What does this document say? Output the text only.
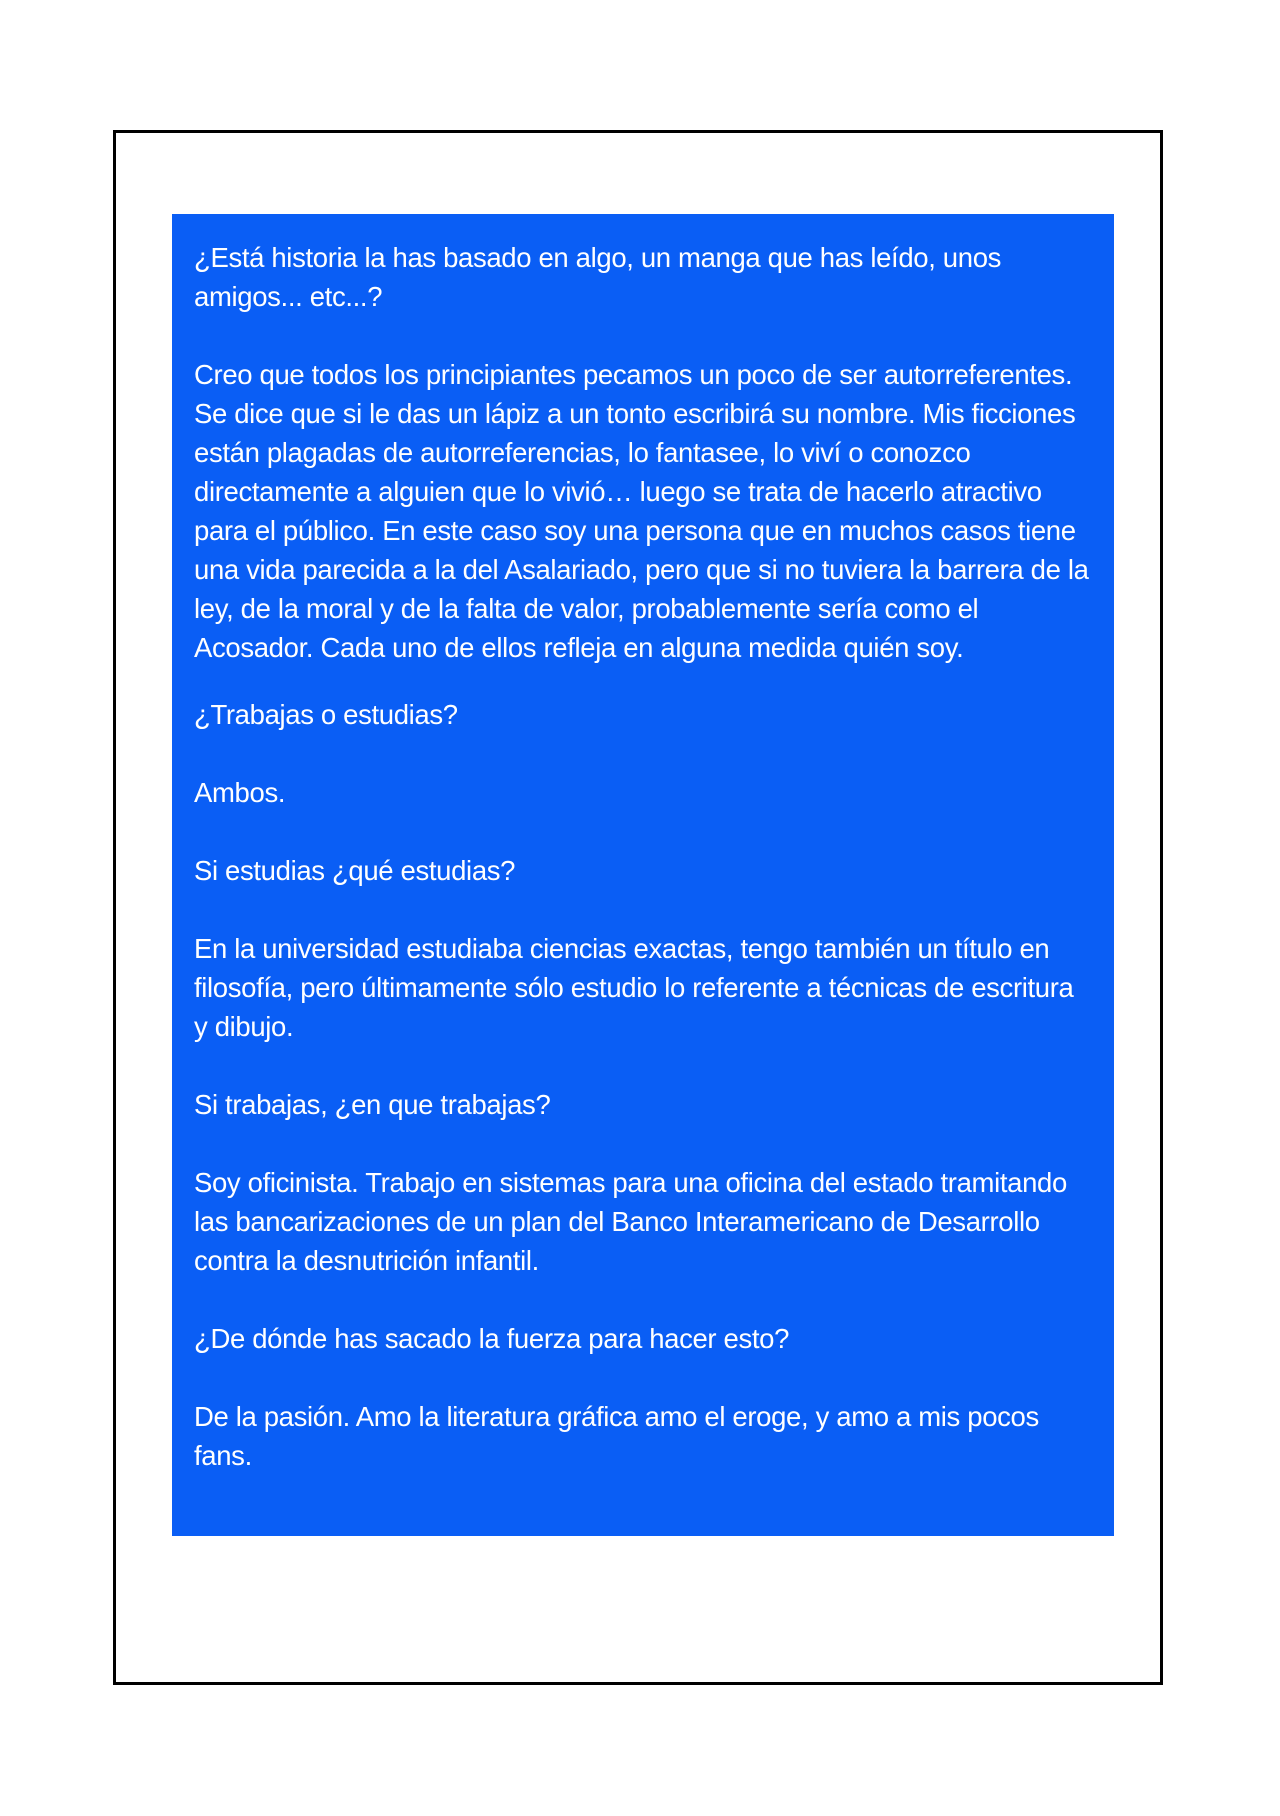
¿Está historia la has basado en algo, un manga que has leído, unos amigos... etc...?

Creo que todos los principiantes pecamos un poco de ser autorreferentes. Se dice que si le das un lápiz a un tonto escribirá su nombre. Mis ficciones están plagadas de autorreferencias, lo fantasee, lo viví o conozco directamente a alguien que lo vivió… luego se trata de hacerlo atractivo para el público. En este caso soy una persona que en muchos casos tiene una vida parecida a la del Asalariado, pero que si no tuviera la barrera de la ley, de la moral y de la falta de valor, probablemente sería como el Acosador. Cada uno de ellos refleja en alguna medida quién soy.

¿Trabajas o estudias?

Ambos.

Si estudias ¿qué estudias?

En la universidad estudiaba ciencias exactas, tengo también un título en filosofía, pero últimamente sólo estudio lo referente a técnicas de escritura y dibujo.

Si trabajas, ¿en que trabajas?

Soy oficinista. Trabajo en sistemas para una oficina del estado tramitando las bancarizaciones de un plan del Banco Interamericano de Desarrollo contra la desnutrición infantil.

¿De dónde has sacado la fuerza para hacer esto?

De la pasión. Amo la literatura gráfica amo el eroge, y amo a mis pocos fans.
